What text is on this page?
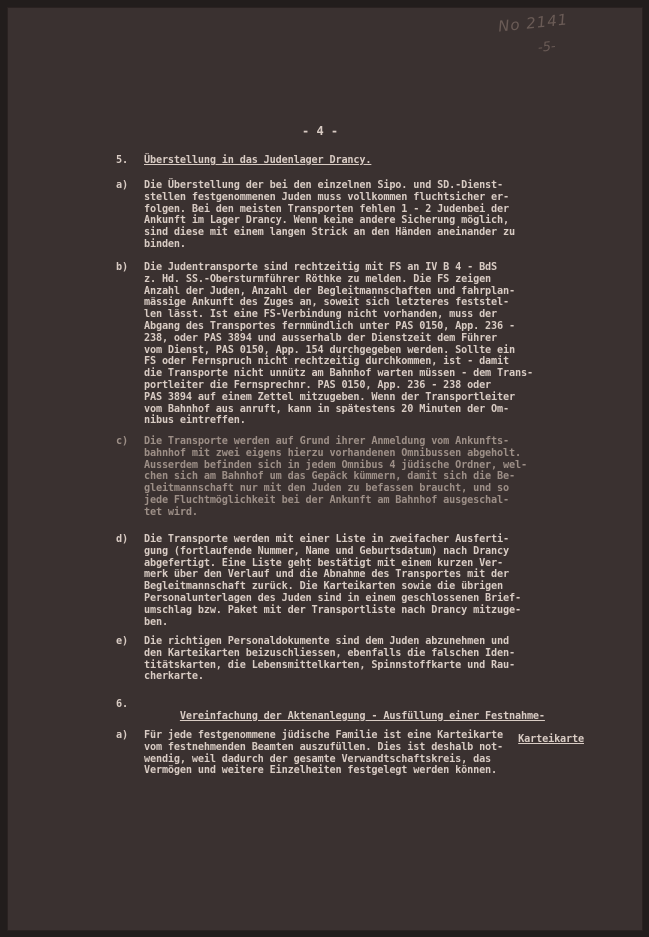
No 2141
-5-
- 4 -
5.	Überstellung in das Judenlager Drancy.
a)	Die Überstellung der bei den einzelnen Sipo. und SD.-Dienst-
stellen festgenommenen Juden muss vollkommen fluchtsicher er-
folgen. Bei den meisten Transporten fehlen 1 - 2 Judenbei der
Ankunft im Lager Drancy. Wenn keine andere Sicherung möglich,
sind diese mit einem langen Strick an den Händen aneinander zu
binden.
b)	Die Judentransporte sind rechtzeitig mit FS an IV B 4 - BdS
z. Hd. SS.-Obersturmführer Röthke zu melden. Die FS zeigen
Anzahl der Juden, Anzahl der Begleitmannschaften und fahrplan-
mässige Ankunft des Zuges an, soweit sich letzteres feststel-
len lässt. Ist eine FS-Verbindung nicht vorhanden, muss der
Abgang des Transportes fernmündlich unter PAS 0150, App. 236 -
238, oder PAS 3894 und ausserhalb der Dienstzeit dem Führer
vom Dienst, PAS 0150, App. 154 durchgegeben werden. Sollte ein
FS oder Fernspruch nicht rechtzeitig durchkommen, ist - damit
die Transporte nicht unnütz am Bahnhof warten müssen - dem Trans-
portleiter die Fernsprechnr. PAS 0150, App. 236 - 238 oder
PAS 3894 auf einem Zettel mitzugeben. Wenn der Transportleiter
vom Bahnhof aus anruft, kann in spätestens 20 Minuten der Om-
nibus eintreffen.
c)	Die Transporte werden auf Grund ihrer Anmeldung vom Ankunfts-
bahnhof mit zwei eigens hierzu vorhandenen Omnibussen abgeholt.
Ausserdem befinden sich in jedem Omnibus 4 jüdische Ordner, wel-
chen sich am Bahnhof um das Gepäck kümmern, damit sich die Be-
gleitmannschaft nur mit den Juden zu befassen braucht, und so
jede Fluchtmöglichkeit bei der Ankunft am Bahnhof ausgeschal-
tet wird.
d)	Die Transporte werden mit einer Liste in zweifacher Ausferti-
gung (fortlaufende Nummer, Name und Geburtsdatum) nach Drancy
abgefertigt. Eine Liste geht bestätigt mit einem kurzen Ver-
merk über den Verlauf und die Abnahme des Transportes mit der
Begleitmannschaft zurück. Die Karteikarten sowie die übrigen
Personalunterlagen des Juden sind in einem geschlossenen Brief-
umschlag bzw. Paket mit der Transportliste nach Drancy mitzuge-
ben.
e)	Die richtigen Personaldokumente sind dem Juden abzunehmen und
den Karteikarten beizuschliessen, ebenfalls die falschen Iden-
titätskarten, die Lebensmittelkarten, Spinnstoffkarte und Rau-
cherkarte.
6.

Vereinfachung der Aktenanlegung - Ausfüllung einer Festnahme-

Karteikarte

a)	Für jede festgenommene jüdische Familie ist eine Karteikarte
vom festnehmenden Beamten auszufüllen. Dies ist deshalb not-
wendig, weil dadurch der gesamte Verwandtschaftskreis, das
Vermögen und weitere Einzelheiten festgelegt werden können.
